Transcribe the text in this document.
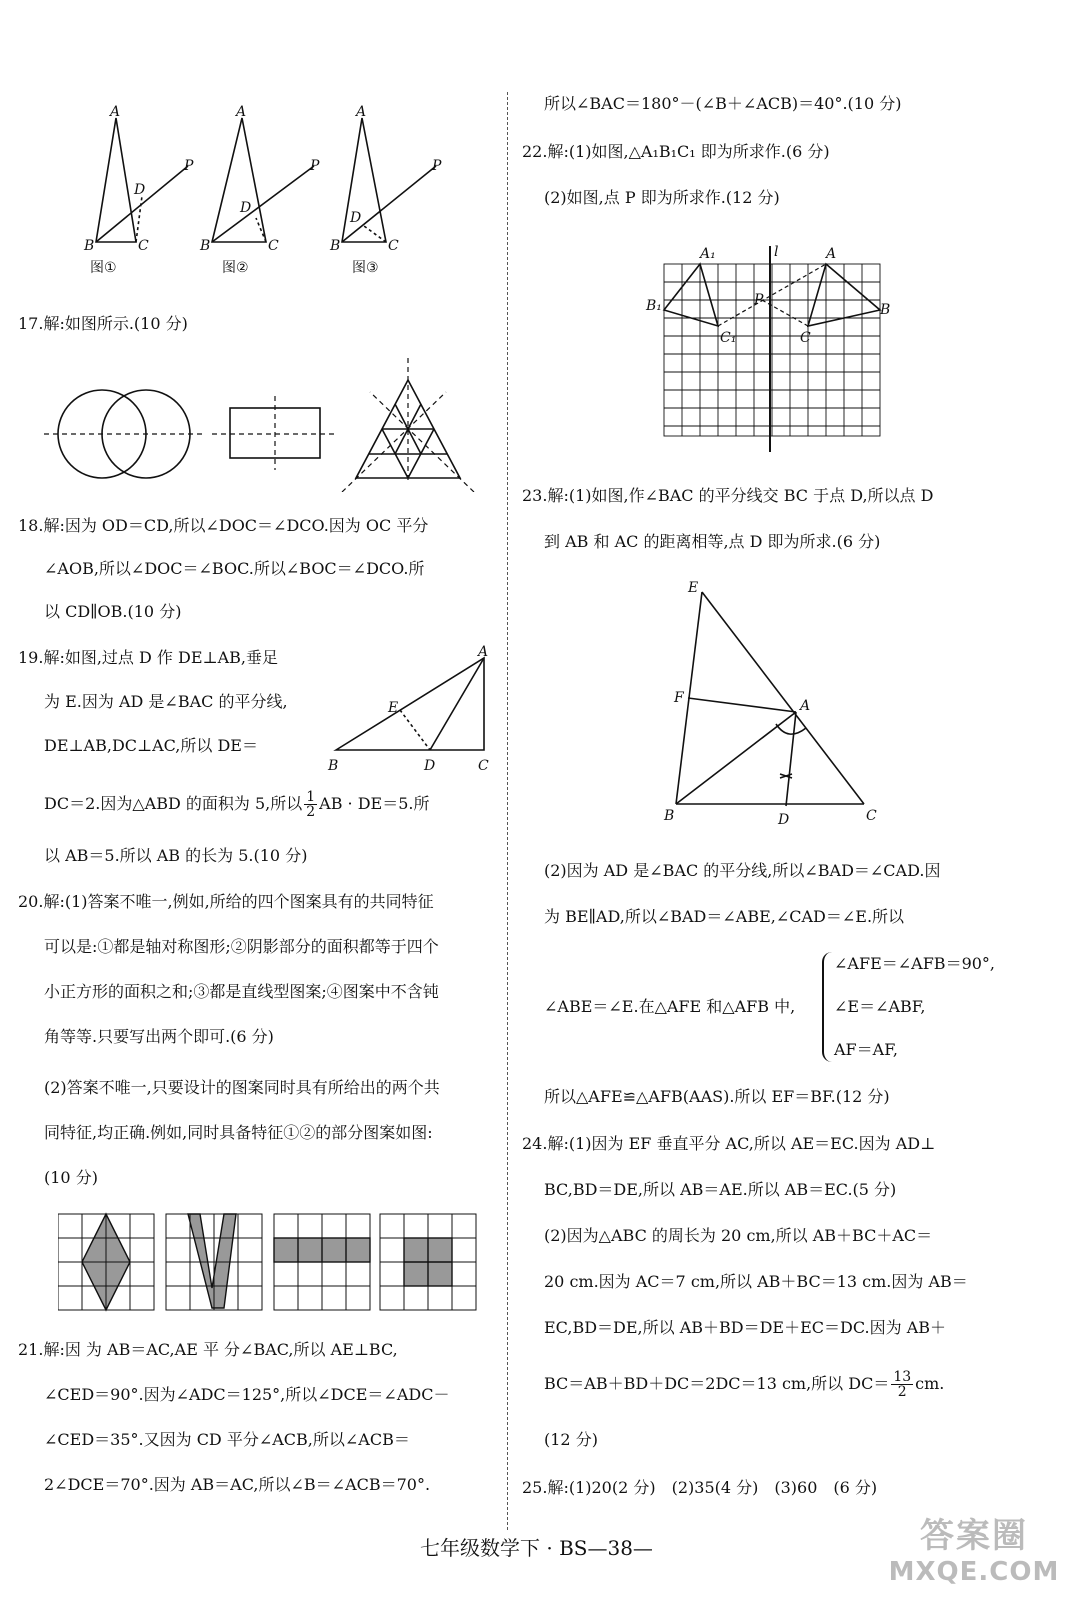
A
B	C
D
P
A
B	C
D
P
A
B	C
D
P
图①	图②	图③
17.解:如图所示.(10 分)
18.解:因为 OD＝CD,所以∠DOC＝∠DCO.因为 OC 平分
∠AOB,所以∠DOC＝∠BOC.所以∠BOC＝∠DCO.所
以 CD∥OB.(10 分)
19.解:如图,过点 D 作 DE⊥AB,垂足
为 E.因为 AD 是∠BAC 的平分线,
DE⊥AB,DC⊥AC,所以 DE＝
A
E
B	D	C
DC＝2.因为△ABD 的面积为 5,所以 $\frac{1}{2}$ AB · DE＝5.所
以 AB＝5.所以 AB 的长为 5.(10 分)
20.解:(1)答案不唯一,例如,所给的四个图案具有的共同特征
可以是:①都是轴对称图形;②阴影部分的面积都等于四个
小正方形的面积之和;③都是直线型图案;④图案中不含钝
角等等.只要写出两个即可.(6 分)
(2)答案不唯一,只要设计的图案同时具有所给出的两个共
同特征,均正确.例如,同时具备特征①②的部分图案如图:
(10 分)
21.解:因 为 AB＝AC,AE 平 分∠BAC,所以 AE⊥BC,
∠CED＝90°.因为∠ADC＝125°,所以∠DCE＝∠ADC－
∠CED＝35°.又因为 CD 平分∠ACB,所以∠ACB＝
2∠DCE＝70°.因为 AB＝AC,所以∠B＝∠ACB＝70°.
所以∠BAC＝180°－(∠B＋∠ACB)＝40°.(10 分)
22.解:(1)如图,△A₁B₁C₁ 即为所求作.(6 分)
(2)如图,点 P 即为所求作.(12 分)
A₁
B₁
C₁
l
P
A
B
C
23.解:(1)如图,作∠BAC 的平分线交 BC 于点 D,所以点 D
到 AB 和 AC 的距离相等,点 D 即为所求.(6 分)
E
F	A
B	D	C
(2)因为 AD 是∠BAC 的平分线,所以∠BAD＝∠CAD.因
为 BE∥AD,所以∠BAD＝∠ABE,∠CAD＝∠E.所以
∠AFE＝∠AFB＝90°,
∠ABE＝∠E.在△AFE 和△AFB 中, ∠E＝∠ABF,
AF＝AF,
所以△AFE≌△AFB(AAS).所以 EF＝BF.(12 分)
24.解:(1)因为 EF 垂直平分 AC,所以 AE＝EC.因为 AD⊥
BC,BD＝DE,所以 AB＝AE.所以 AB＝EC.(5 分)
(2)因为△ABC 的周长为 20 cm,所以 AB＋BC＋AC＝
20 cm.因为 AC＝7 cm,所以 AB＋BC＝13 cm.因为 AB＝
EC,BD＝DE,所以 AB＋BD＝DE＋EC＝DC.因为 AB＋
BC＝AB＋BD＋DC＝2DC＝13 cm,所以 $DC= \frac{13}{2}$ cm.
(12 分)
25.解:(1)20(2 分)　(2)35(4 分)　(3)60　(6 分)
七年级数学下 · BS—38—	答案圈
MXQE.COM
